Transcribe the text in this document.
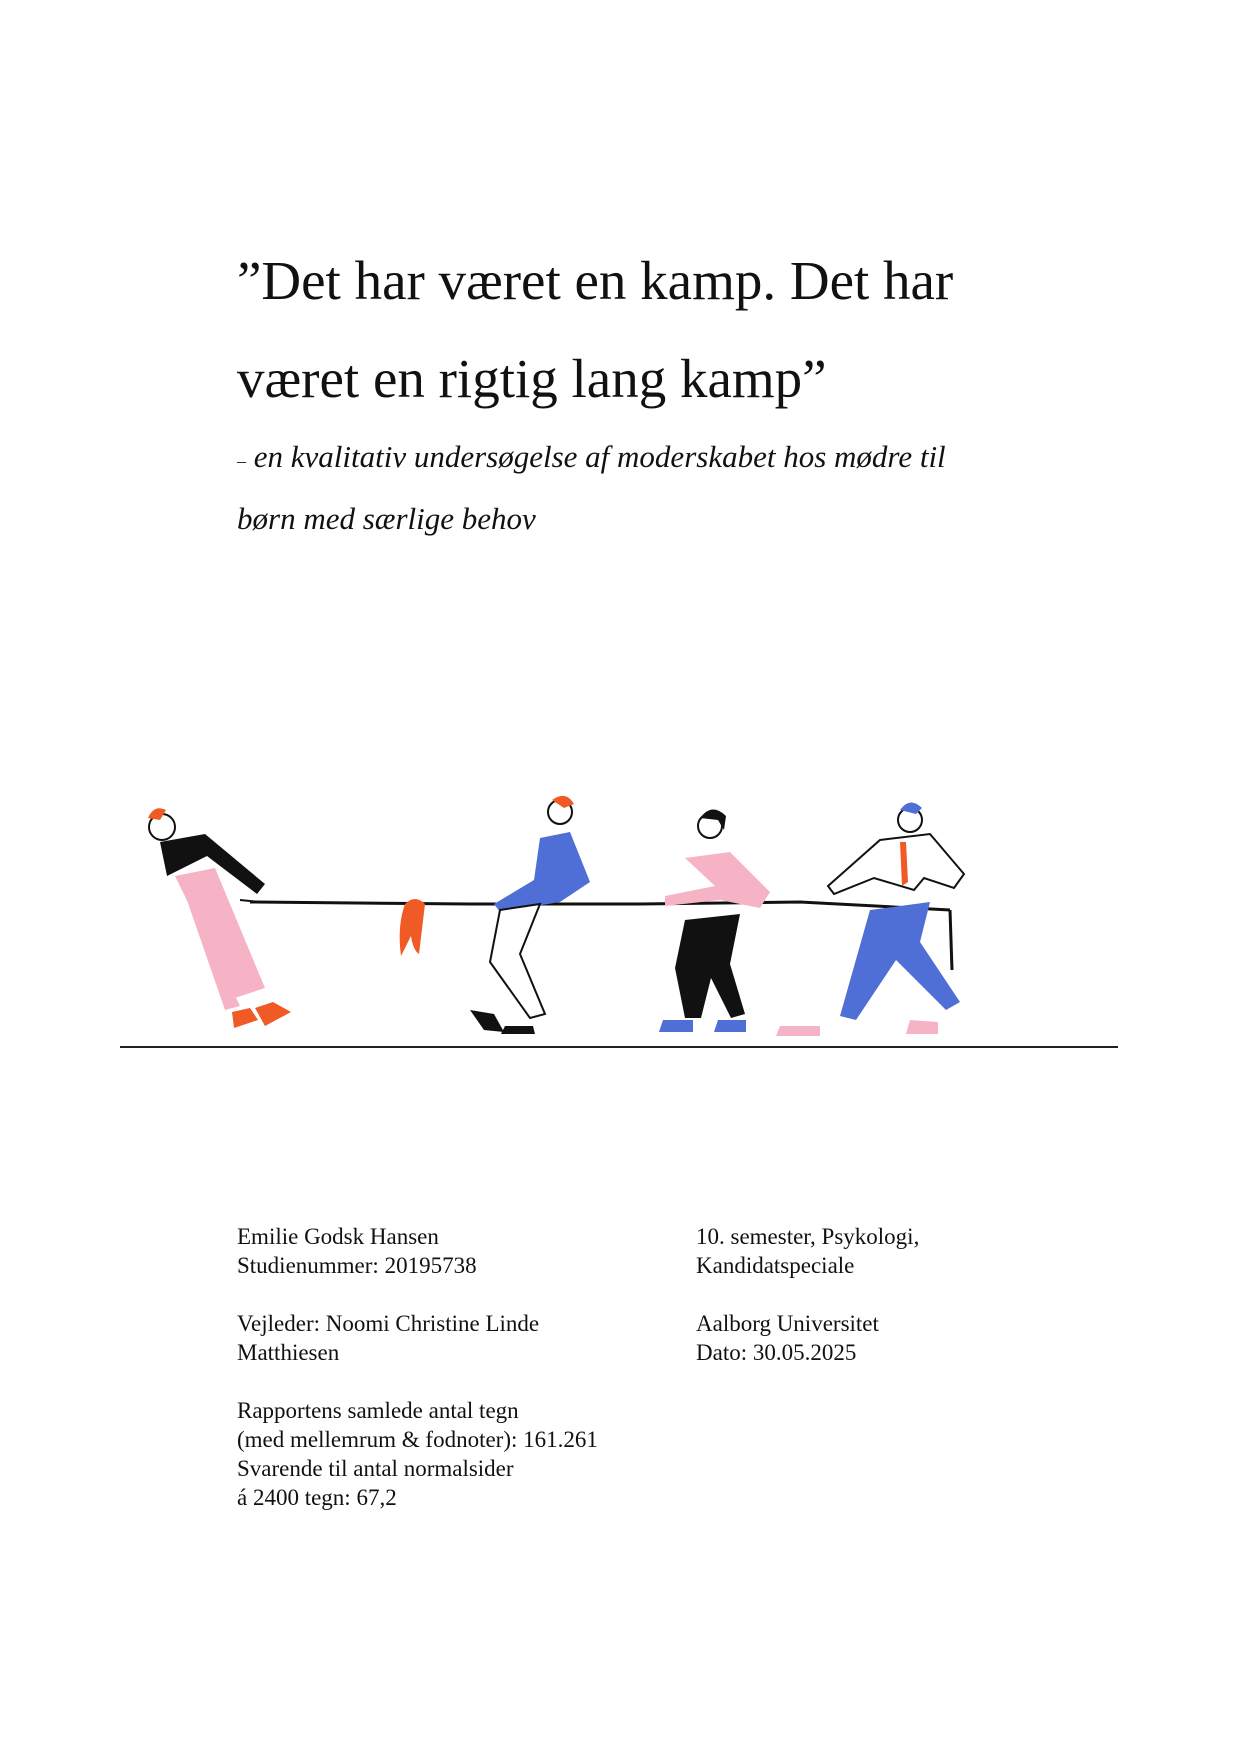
”Det har været en kamp. Det har
været en rigtig lang kamp”
– en kvalitativ undersøgelse af moderskabet hos mødre til
børn med særlige behov

Emilie Godsk Hansen
Studienummer: 20195738

Vejleder: Noomi Christine Linde
Matthiesen

Rapportens samlede antal tegn
(med mellemrum & fodnoter): 161.261
Svarende til antal normalsider
á 2400 tegn: 67,2

10. semester, Psykologi,
Kandidatspeciale

Aalborg Universitet
Dato: 30.05.2025
